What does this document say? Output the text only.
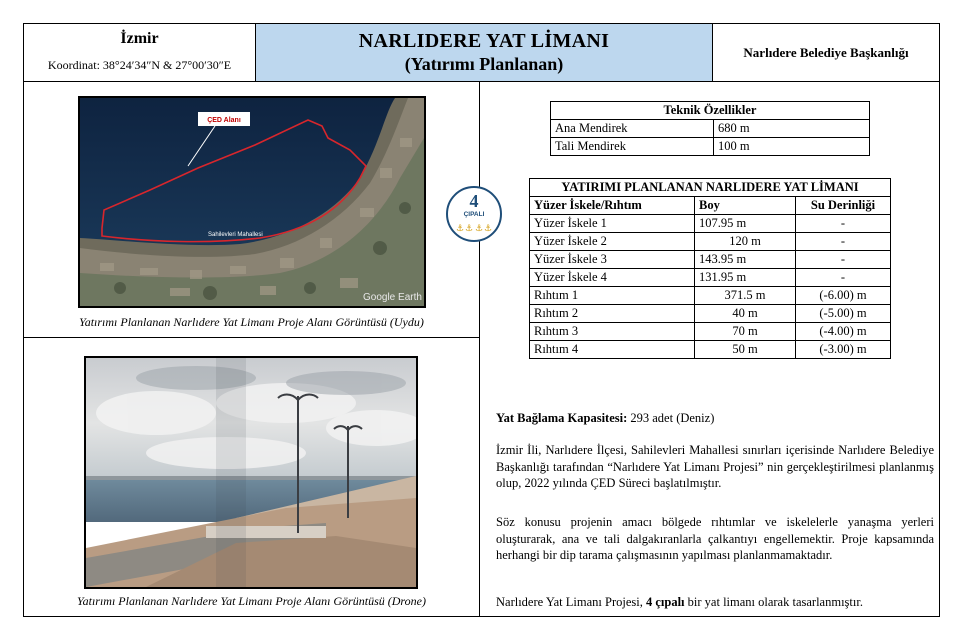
İzmir
Koordinat: 38°24′34″N & 27°00′30″E
NARLIDERE YAT LİMANI
(Yatırımı Planlanan)
Narlıdere Belediye Başkanlığı
ÇED Alanı
Sahilevleri Mahallesi
Google Earth
Yatırımı Planlanan Narlıdere Yat Limanı Proje Alanı Görüntüsü (Uydu)
Yatırımı Planlanan Narlıdere Yat Limanı Proje Alanı Görüntüsü (Drone)
4
ÇIPALI
⚓ ⚓ ⚓ ⚓
Teknik Özellikler	
Ana Mendirek	680 m
Tali Mendirek	100 m
YATIRIMI PLANLANAN NARLIDERE YAT LİMANI		
Yüzer İskele/Rıhtım	Boy	Su Derinliği
Yüzer İskele 1	107.95 m	-
Yüzer İskele 2	120 m	-
Yüzer İskele 3	143.95 m	-
Yüzer İskele 4	131.95 m	-
Rıhtım 1	371.5 m	(-6.00) m
Rıhtım 2	40 m	(-5.00) m
Rıhtım 3	70 m	(-4.00) m
Rıhtım 4	50 m	(-3.00) m
Yat Bağlama Kapasitesi: 293 adet (Deniz)
İzmir İli, Narlıdere İlçesi, Sahilevleri Mahallesi sınırları içerisinde Narlıdere Belediye Başkanlığı tarafından “Narlıdere Yat Limanı Projesi” nin gerçekleştirilmesi planlanmış olup, 2022 yılında ÇED Süreci başlatılmıştır.
Söz konusu projenin amacı bölgede rıhtımlar ve iskelelerle yanaşma yerleri oluşturarak, ana ve tali dalgakıranlarla çalkantıyı engellemektir. Proje kapsamında herhangi bir dip tarama çalışmasının yapılması planlanmamaktadır.
Narlıdere Yat Limanı Projesi, 4 çıpalı bir yat limanı olarak tasarlanmıştır.
